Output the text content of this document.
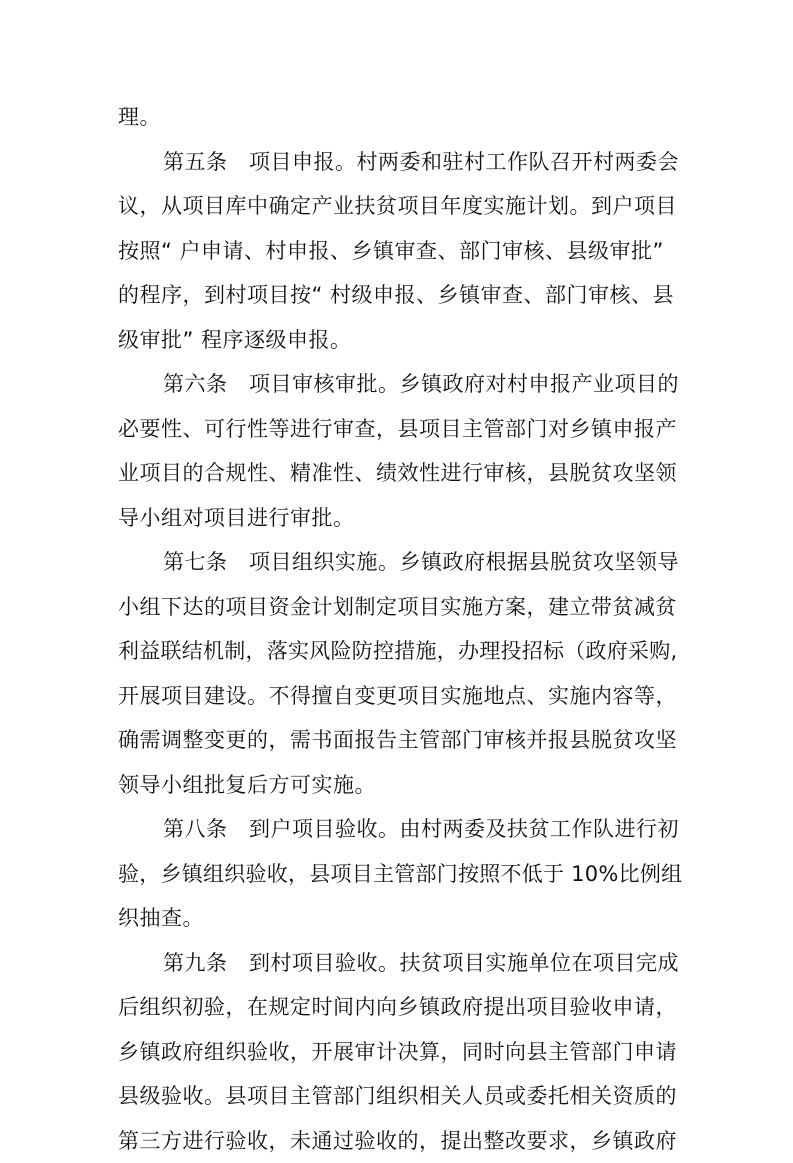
理。
第五条　项目申报。村两委和驻村工作队召开村两委会
议，从项目库中确定产业扶贫项目年度实施计划。到户项目
按照“ 户申请、村申报、乡镇审查、部门审核、县级审批”
的程序，到村项目按“ 村级申报、乡镇审查、部门审核、县
级审批” 程序逐级申报。
第六条　项目审核审批。乡镇政府对村申报产业项目的
必要性、可行性等进行审查，县项目主管部门对乡镇申报产
业项目的合规性、精准性、绩效性进行审核，县脱贫攻坚领
导小组对项目进行审批。
第七条　项目组织实施。乡镇政府根据县脱贫攻坚领导
小组下达的项目资金计划制定项目实施方案，建立带贫减贫
利益联结机制，落实风险防控措施，办理投招标（政府采购,
开展项目建设。不得擅自变更项目实施地点、实施内容等，
确需调整变更的，需书面报告主管部门审核并报县脱贫攻坚
领导小组批复后方可实施。
第八条　到户项目验收。由村两委及扶贫工作队进行初
验，乡镇组织验收，县项目主管部门按照不低于 10%比例组
织抽查。
第九条　到村项目验收。扶贫项目实施单位在项目完成
后组织初验，在规定时间内向乡镇政府提出项目验收申请，
乡镇政府组织验收，开展审计决算，同时向县主管部门申请
县级验收。县项目主管部门组织相关人员或委托相关资质的
第三方进行验收，未通过验收的，提出整改要求，乡镇政府
